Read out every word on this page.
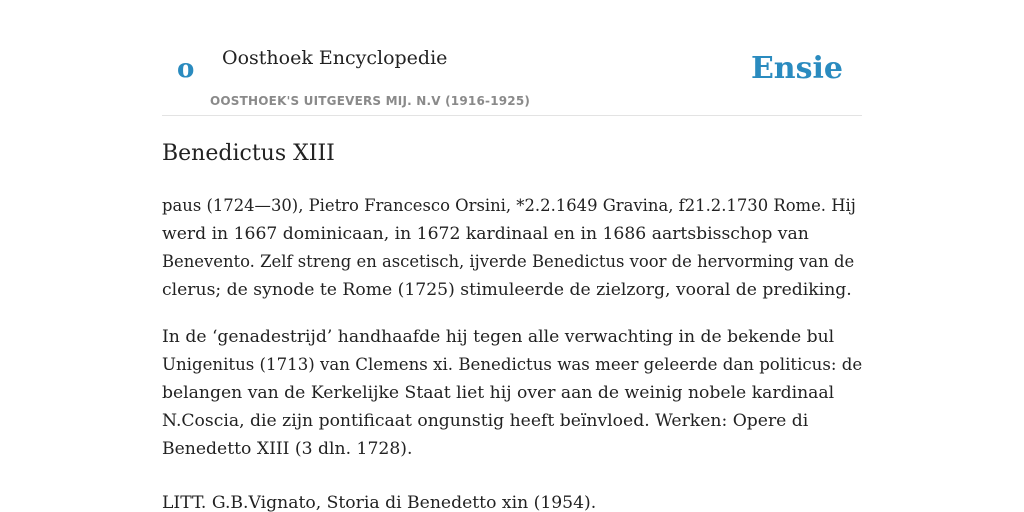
o Oosthoek Encyclopedie
OOSTHOEK'S UITGEVERS MIJ. N.V (1916-1925)
Ensie
Benedictus XIII

paus (1724—30), Pietro Francesco Orsini, *2.2.1649 Gravina, f21.2.1730 Rome. Hij
werd in 1667 dominicaan, in 1672 kardinaal en in 1686 aartsbisschop van
Benevento. Zelf streng en ascetisch, ijverde Benedictus voor de hervorming van de
clerus; de synode te Rome (1725) stimuleerde de zielzorg, vooral de prediking.

In de ‘genadestrijd’ handhaafde hij tegen alle verwachting in de bekende bul
Unigenitus (1713) van Clemens xi. Benedictus was meer geleerde dan politicus: de
belangen van de Kerkelijke Staat liet hij over aan de weinig nobele kardinaal
N.Coscia, die zijn pontificaat ongunstig heeft beïnvloed. Werken: Opere di
Benedetto XIII (3 dln. 1728).

LITT. G.B.Vignato, Storia di Benedetto xin (1954).
